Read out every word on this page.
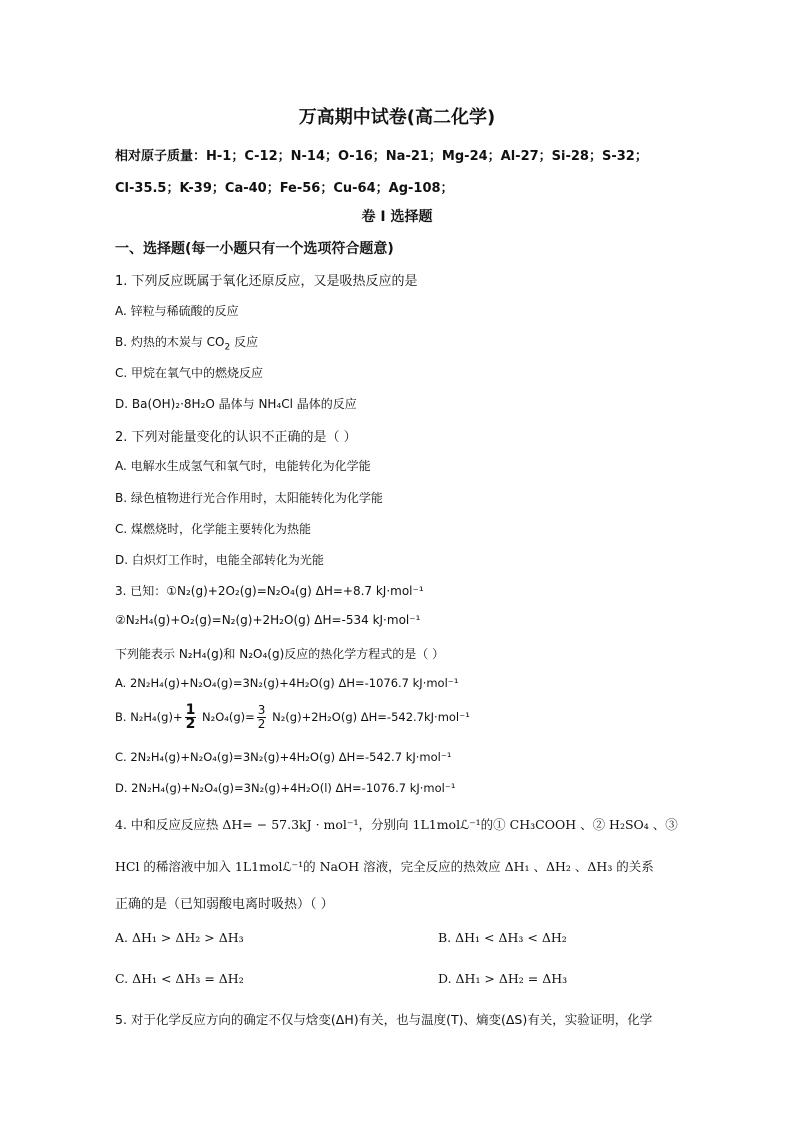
万高期中试卷(高二化学)
相对原子质量：H-1；C-12；N-14；O-16；Na-21；Mg-24；Al-27；Si-28；S-32；
Cl-35.5；K-39；Ca-40；Fe-56；Cu-64；Ag-108；
卷 I 选择题
一、选择题(每一小题只有一个选项符合题意)
1. 下列反应既属于氧化还原反应，又是吸热反应的是
A. 锌粒与稀硫酸的反应
B. 灼热的木炭与 $CO_2$ 反应
C. 甲烷在氧气中的燃烧反应
D. Ba(OH)₂·8H₂O 晶体与 NH₄Cl 晶体的反应
2. 下列对能量变化的认识不正确的是（ ）
A. 电解水生成氢气和氧气时，电能转化为化学能
B. 绿色植物进行光合作用时，太阳能转化为化学能
C. 煤燃烧时，化学能主要转化为热能
D. 白炽灯工作时，电能全部转化为光能
3. 已知：①N₂(g)+2O₂(g)=N₂O₄(g) ΔH=+8.7 kJ·mol⁻¹
②N₂H₄(g)+O₂(g)=N₂(g)+2H₂O(g) ΔH=-534 kJ·mol⁻¹
下列能表示 N₂H₄(g)和 N₂O₄(g)反应的热化学方程式的是（ ）
A. 2N₂H₄(g)+N₂O₄(g)=3N₂(g)+4H₂O(g) ΔH=-1076.7 kJ·mol⁻¹
B. $N_2H_4(g)+ \frac{1}{2} N_2O_4(g)= \frac{3}{2} N_2(g)+2H_2O(g)$ ΔH=-542.7kJ·mol⁻¹
C. 2N₂H₄(g)+N₂O₄(g)=3N₂(g)+4H₂O(g) ΔH=-542.7 kJ·mol⁻¹
D. 2N₂H₄(g)+N₂O₄(g)=3N₂(g)+4H₂O(l) ΔH=-1076.7 kJ·mol⁻¹
4. 中和反应反应热 ΔH= − 57.3kJ · mol⁻¹，分别向 1L1molℒ⁻¹的① CH₃COOH 、② H₂SO₄ 、③
HCl 的稀溶液中加入 1L1molℒ⁻¹的 NaOH 溶液，完全反应的热效应 ΔH₁ 、ΔH₂ 、ΔH₃ 的关系
正确的是（已知弱酸电离时吸热）（ ）
A. ΔH₁ > ΔH₂ > ΔH₃	B. ΔH₁ < ΔH₃ < ΔH₂
C. ΔH₁ < ΔH₃ = ΔH₂	D. ΔH₁ > ΔH₂ = ΔH₃
5. 对于化学反应方向的确定不仅与焓变(ΔH)有关，也与温度(T)、熵变(ΔS)有关，实验证明，化学
